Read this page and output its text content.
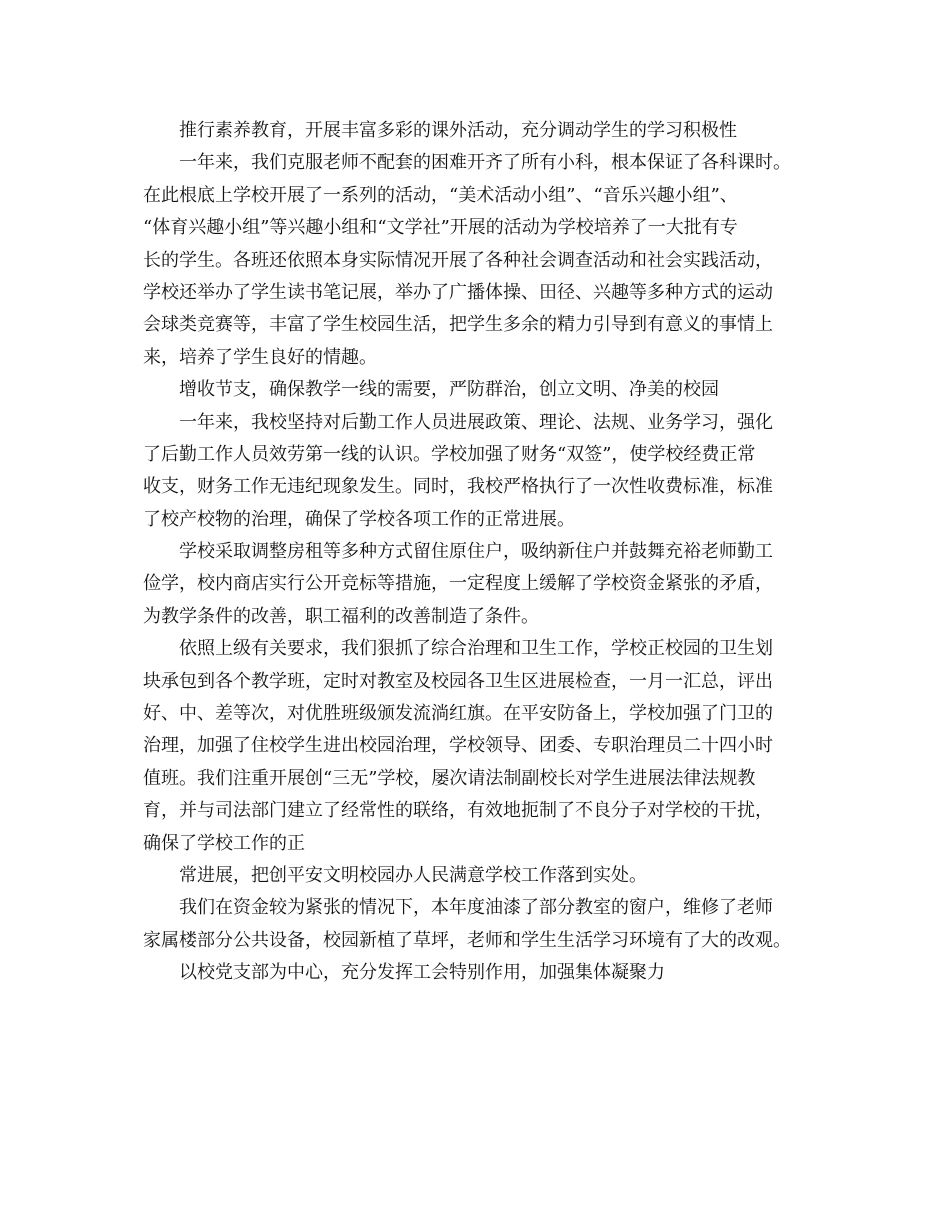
推行素养教育，开展丰富多彩的课外活动，充分调动学生的学习积极性
一年来，我们克服老师不配套的困难开齐了所有小科，根本保证了各科课时。
在此根底上学校开展了一系列的活动，“美术活动小组”、“音乐兴趣小组”、
“体育兴趣小组”等兴趣小组和“文学社”开展的活动为学校培养了一大批有专
长的学生。各班还依照本身实际情况开展了各种社会调查活动和社会实践活动，
学校还举办了学生读书笔记展，举办了广播体操、田径、兴趣等多种方式的运动
会球类竞赛等，丰富了学生校园生活，把学生多余的精力引导到有意义的事情上
来，培养了学生良好的情趣。
增收节支，确保教学一线的需要，严防群治，创立文明、净美的校园
一年来，我校坚持对后勤工作人员进展政策、理论、法规、业务学习，强化
了后勤工作人员效劳第一线的认识。学校加强了财务“双签”，使学校经费正常
收支，财务工作无违纪现象发生。同时，我校严格执行了一次性收费标准，标准
了校产校物的治理，确保了学校各项工作的正常进展。
学校采取调整房租等多种方式留住原住户，吸纳新住户并鼓舞充裕老师勤工
俭学，校内商店实行公开竞标等措施，一定程度上缓解了学校资金紧张的矛盾，
为教学条件的改善，职工福利的改善制造了条件。
依照上级有关要求，我们狠抓了综合治理和卫生工作，学校正校园的卫生划
块承包到各个教学班，定时对教室及校园各卫生区进展检查，一月一汇总，评出
好、中、差等次，对优胜班级颁发流淌红旗。在平安防备上，学校加强了门卫的
治理，加强了住校学生进出校园治理，学校领导、团委、专职治理员二十四小时
值班。我们注重开展创“三无”学校，屡次请法制副校长对学生进展法律法规教
育，并与司法部门建立了经常性的联络，有效地扼制了不良分子对学校的干扰，
确保了学校工作的正
常进展，把创平安文明校园办人民满意学校工作落到实处。
我们在资金较为紧张的情况下，本年度油漆了部分教室的窗户，维修了老师
家属楼部分公共设备，校园新植了草坪，老师和学生生活学习环境有了大的改观。
以校党支部为中心，充分发挥工会特别作用，加强集体凝聚力
